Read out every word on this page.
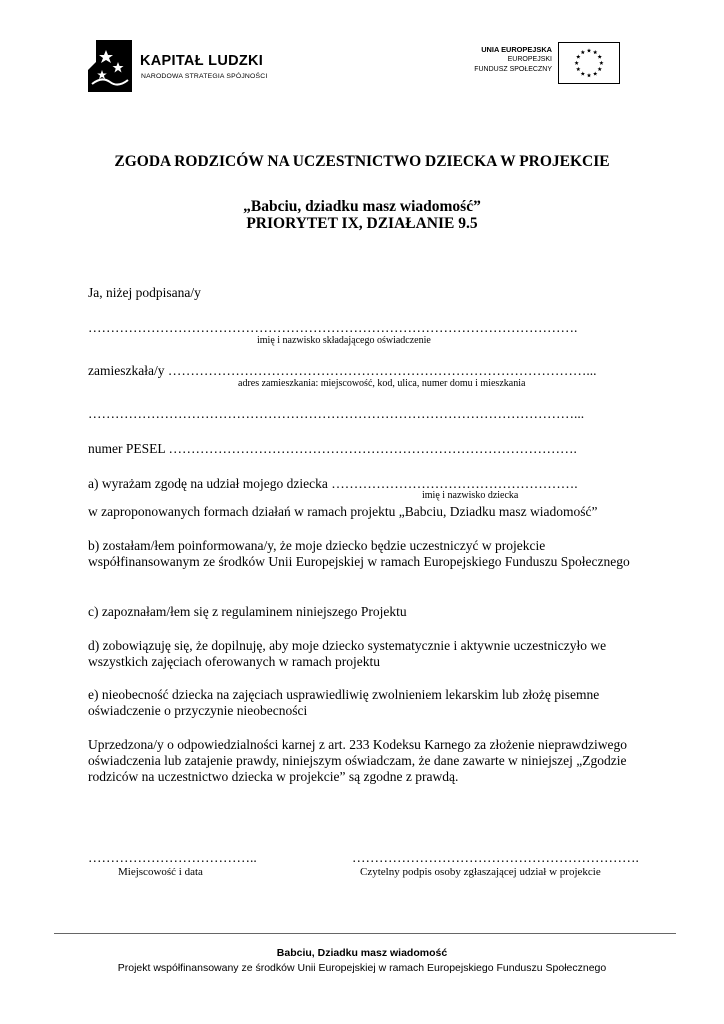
KAPITAŁ LUDZKI
NARODOWA STRATEGIA SPÓJNOŚCI
UNIA EUROPEJSKA
EUROPEJSKI
FUNDUSZ SPOŁECZNY
ZGODA RODZICÓW NA UCZESTNICTWO DZIECKA W PROJEKCIE
„Babciu, dziadku masz wiadomość”
PRIORYTET IX, DZIAŁANIE 9.5
Ja, niżej podpisana/y
……………………………………………………………………………………………….
imię i nazwisko składającego oświadczenie
zamieszkała/y …………………………………………………………………………………...
adres zamieszkania: miejscowość, kod, ulica, numer domu i mieszkania
………………………………………………………………………………………………...
numer PESEL ……………………………………………………………………………….
a) wyrażam zgodę na udział mojego dziecka ……………………………………………….
imię i nazwisko dziecka
w zaproponowanych formach działań w ramach projektu „Babciu, Dziadku masz wiadomość”
b) zostałam/łem poinformowana/y, że moje dziecko będzie uczestniczyć w projekcie współfinansowanym ze środków Unii Europejskiej w ramach Europejskiego Funduszu Społecznego
c) zapoznałam/łem się z regulaminem niniejszego Projektu
d) zobowiązuję się, że dopilnuję, aby moje dziecko systematycznie i aktywnie uczestniczyło we wszystkich zajęciach oferowanych w ramach projektu
e) nieobecność dziecka na zajęciach usprawiedliwię zwolnieniem lekarskim lub złożę pisemne oświadczenie o przyczynie nieobecności
Uprzedzona/y o odpowiedzialności karnej z art. 233 Kodeksu Karnego za złożenie nieprawdziwego oświadczenia lub zatajenie prawdy, niniejszym oświadczam, że dane zawarte w niniejszej „Zgodzie rodziców na uczestnictwo dziecka w projekcie” są zgodne z prawdą.
………………………………..
Miejscowość i data
……………………………………………………….
Czytelny podpis osoby zgłaszającej udział w projekcie
Babciu, Dziadku masz wiadomość
Projekt współfinansowany ze środków Unii Europejskiej w ramach Europejskiego Funduszu Społecznego
